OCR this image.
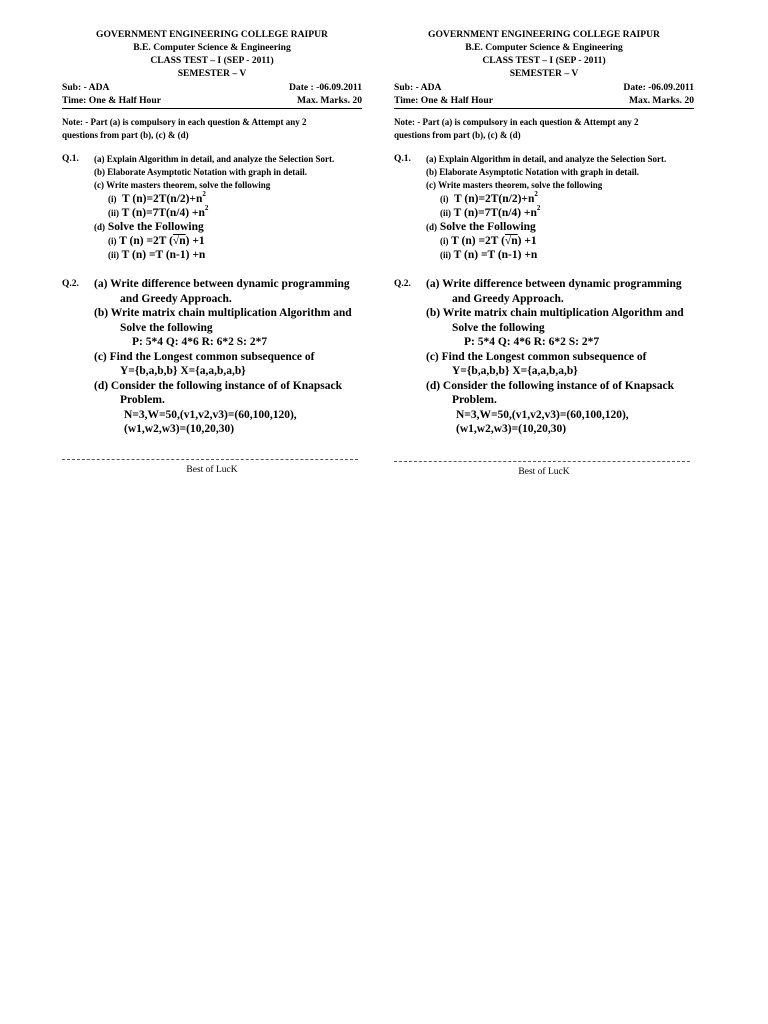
GOVERNMENT ENGINEERING COLLEGE RAIPUR
B.E. Computer Science & Engineering
CLASS TEST – I (SEP - 2011)
SEMESTER – V
Sub: - ADA	Date : -06.09.2011
Time: One & Half Hour	Max. Marks. 20
Note: - Part (a) is compulsory in each question & Attempt any 2
questions from part (b), (c) & (d)
Q.1.	(a) Explain Algorithm in detail, and analyze the Selection Sort.
(b) Elaborate Asymptotic Notation with graph in detail.
(c) Write masters theorem, solve the following
(i) T $(n)=2T(n/2)+n^2$
(ii) T $(n)=7T(n/4) +n^2$
(d) Solve the Following
(i) T (n) =2T (√n) +1
(ii) T (n) =T (n-1) +n
Q.2.	(a) Write difference between dynamic programming
and Greedy Approach.
(b) Write matrix chain multiplication Algorithm and
Solve the following
P: 5*4 Q: 4*6 R: 6*2 S: 2*7
(c) Find the Longest common subsequence of
Y={b,a,b,b} X={a,a,b,a,b}
(d) Consider the following instance of of Knapsack
Problem.
N=3,W=50,(v1,v2,v3)=(60,100,120),
(w1,w2,w3)=(10,20,30)
Best of LucK
GOVERNMENT ENGINEERING COLLEGE RAIPUR
B.E. Computer Science & Engineering
CLASS TEST – I (SEP - 2011)
SEMESTER – V
Sub: - ADA	Date: -06.09.2011
Time: One & Half Hour	Max. Marks. 20
Note: - Part (a) is compulsory in each question & Attempt any 2
questions from part (b), (c) & (d)
Q.1.	(a) Explain Algorithm in detail, and analyze the Selection Sort.
(b) Elaborate Asymptotic Notation with graph in detail.
(c) Write masters theorem, solve the following
(i) T $(n)=2T(n/2)+n^2$
(ii) T $(n)=7T(n/4) +n^2$
(d) Solve the Following
(i) T (n) =2T (√n) +1
(ii) T (n) =T (n-1) +n
Q.2.	(a) Write difference between dynamic programming
and Greedy Approach.
(b) Write matrix chain multiplication Algorithm and
Solve the following
P: 5*4 Q: 4*6 R: 6*2 S: 2*7
(c) Find the Longest common subsequence of
Y={b,a,b,b} X={a,a,b,a,b}
(d) Consider the following instance of of Knapsack
Problem.
N=3,W=50,(v1,v2,v3)=(60,100,120),
(w1,w2,w3)=(10,20,30)
Best of LucK
